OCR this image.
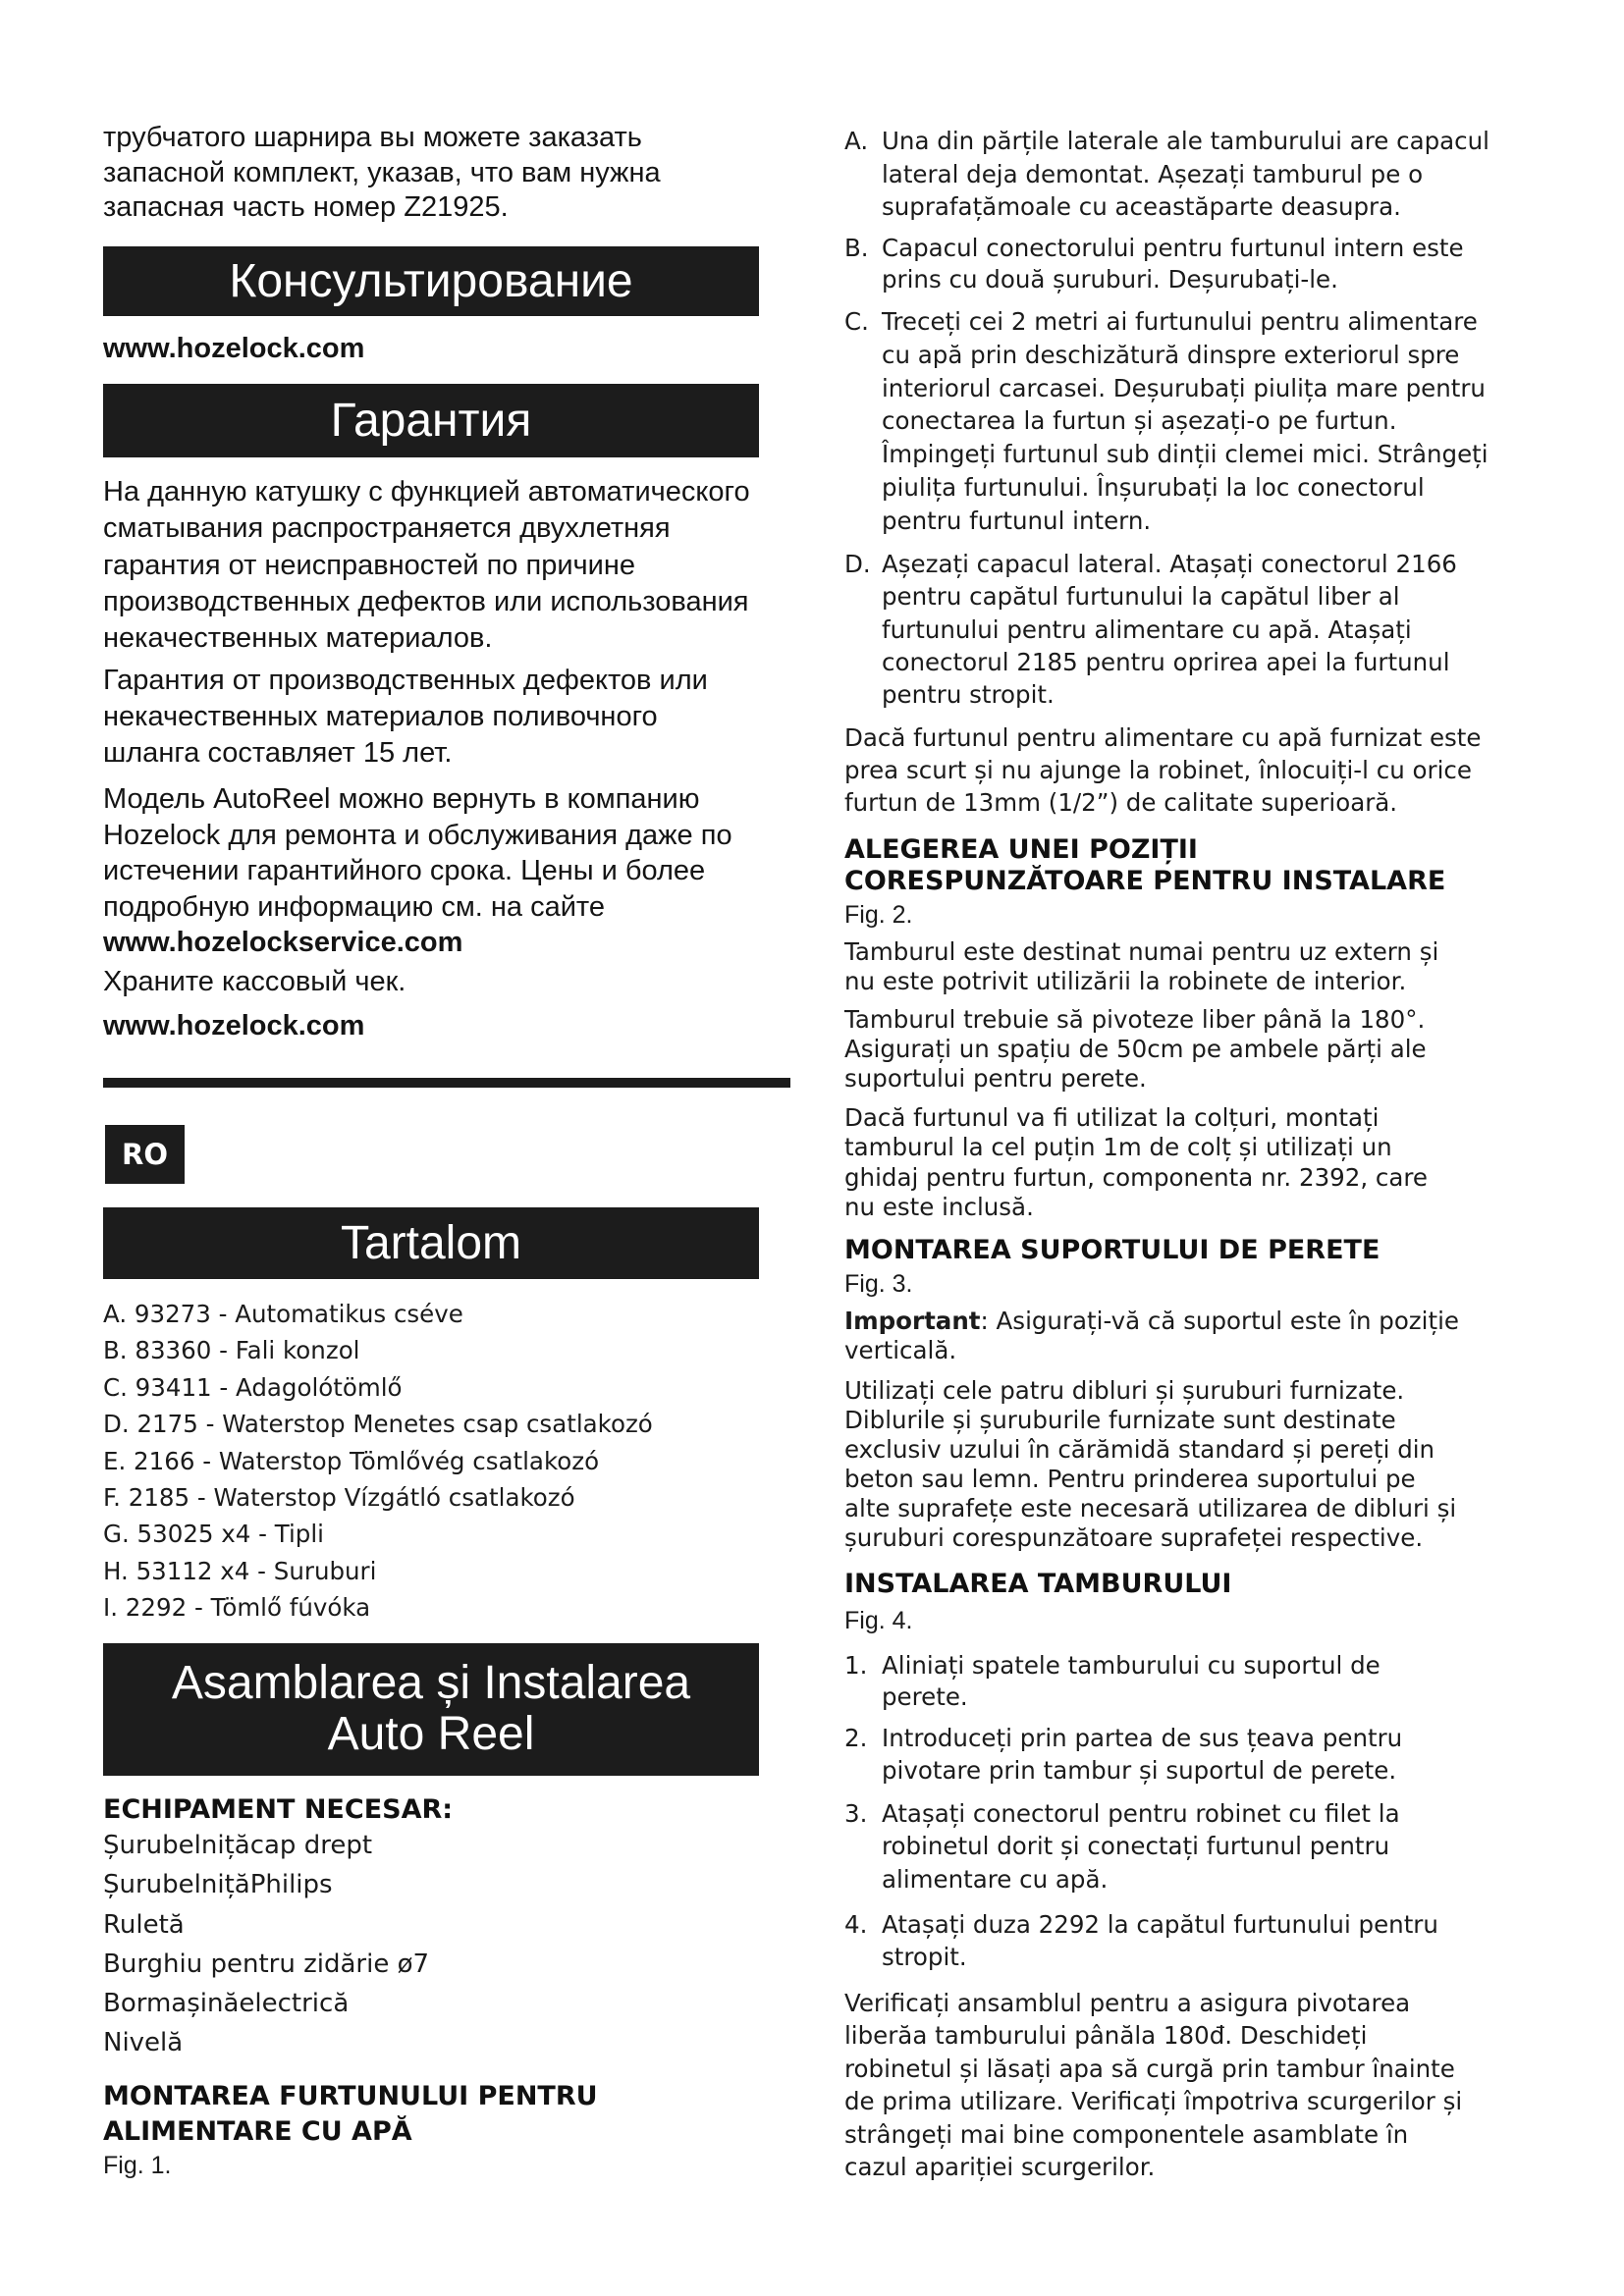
трубчатого шарнира вы можете заказать
запасной комплект, указав, что вам нужна
запасная часть номер Z21925.
Консультирование
www.hozelock.com
Гарантия
На данную катушку с функцией автоматического
сматывания распространяется двухлетняя
гарантия от неисправностей по причине
производственных дефектов или использования
некачественных материалов.
Гарантия от производственных дефектов или
некачественных материалов поливочного
шланга составляет 15 лет.
Модель AutoReel можно вернуть в компанию
Hozelock для ремонта и обслуживания даже по
истечении гарантийного срока. Цены и более
подробную информацию см. на сайте
www.hozelockservice.com
Храните кассовый чек.
www.hozelock.com
RO
Tartalom
A. 93273 - Automatikus cséve
B. 83360 - Fali konzol
C. 93411 - Adagolótömlő
D. 2175 - Waterstop Menetes csap csatlakozó
E. 2166 - Waterstop Tömlővég csatlakozó
F. 2185 - Waterstop Vízgátló csatlakozó
G. 53025 x4 - Tipli
H. 53112 x4 - Suruburi
I. 2292 - Tömlő fúvóka
Asamblarea și Instalarea
Auto Reel
ECHIPAMENT NECESAR:
Șurubelnițăcap drept
ȘurubelnițăPhilips
Ruletă
Burghiu pentru zidărie ø7
Bormașinăelectrică
Nivelă
MONTAREA FURTUNULUI PENTRU
ALIMENTARE CU APĂ
Fig. 1.
A. Una din părțile laterale ale tamburului are capacul
lateral deja demontat. Așezați tamburul pe o
suprafațămoale cu aceastăparte deasupra.
B. Capacul conectorului pentru furtunul intern este
prins cu două șuruburi. Deșurubați-le.
C. Treceți cei 2 metri ai furtunului pentru alimentare
cu apă prin deschizătură dinspre exteriorul spre
interiorul carcasei. Deșurubați piulița mare pentru
conectarea la furtun și așezați-o pe furtun.
Împingeți furtunul sub dinții clemei mici. Strângeți
piulița furtunului. Înșurubați la loc conectorul
pentru furtunul intern.
D. Așezați capacul lateral. Atașați conectorul 2166
pentru capătul furtunului la capătul liber al
furtunului pentru alimentare cu apă. Atașați
conectorul 2185 pentru oprirea apei la furtunul
pentru stropit.
Dacă furtunul pentru alimentare cu apă furnizat este
prea scurt și nu ajunge la robinet, înlocuiți-l cu orice
furtun de 13mm (1/2”) de calitate superioară.
ALEGEREA UNEI POZIȚII
CORESPUNZĂTOARE PENTRU INSTALARE
Fig. 2.
Tamburul este destinat numai pentru uz extern și
nu este potrivit utilizării la robinete de interior.
Tamburul trebuie să pivoteze liber până la 180°.
Asigurați un spațiu de 50cm pe ambele părți ale
suportului pentru perete.
Dacă furtunul va fi utilizat la colțuri, montați
tamburul la cel puțin 1m de colț și utilizați un
ghidaj pentru furtun, componenta nr. 2392, care
nu este inclusă.
MONTAREA SUPORTULUI DE PERETE
Fig. 3.
Important: Asigurați-vă că suportul este în poziție
verticală.
Utilizați cele patru dibluri și șuruburi furnizate.
Diblurile și șuruburile furnizate sunt destinate
exclusiv uzului în cărămidă standard și pereți din
beton sau lemn. Pentru prinderea suportului pe
alte suprafețe este necesară utilizarea de dibluri și
șuruburi corespunzătoare suprafeței respective.
INSTALAREA TAMBURULUI
Fig. 4.
1. Aliniați spatele tamburului cu suportul de
perete.
2. Introduceți prin partea de sus țeava pentru
pivotare prin tambur și suportul de perete.
3. Atașați conectorul pentru robinet cu filet la
robinetul dorit și conectați furtunul pentru
alimentare cu apă.
4. Atașați duza 2292 la capătul furtunului pentru
stropit.
Verificați ansamblul pentru a asigura pivotarea
liberăa tamburului pânăla 180đ. Deschideți
robinetul și lăsați apa să curgă prin tambur înainte
de prima utilizare. Verificați împotriva scurgerilor și
strângeți mai bine componentele asamblate în
cazul apariției scurgerilor.
